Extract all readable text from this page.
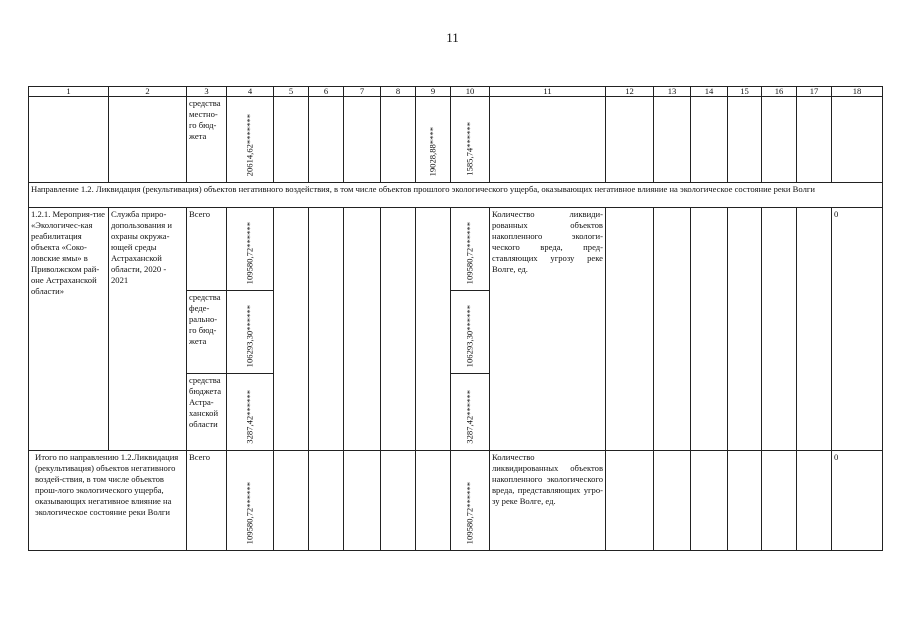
11
1	2	3	4	5	6	7	8	9	10	11	12	13	14	15	16	17	18
		средства местно-го бюд-жета	20614,62*******					19028,88****	1585,74******								

Направление 1.2. Ликвидация (рекультивация) объектов негативного воздействия, в том числе объектов прошлого экологического ущерба, оказывающих негативное влияние на экологическое состояние реки Волги																	
1.2.1. Мероприя-тие «Экологичес-кая реабилитация объекта «Соко-ловские ямы» в Приволжском рай-оне Астраханской области»	Служба приро-допользования и охраны окружа-ющей среды Астраханской области, 2020 - 2021	Всего	109580,72******						109580,72******	Количество ликвиди-рованных объектов накопленного экологи-ческого вреда, пред-ставляющих угрозу реке Волге, ед.							0
		средства феде-рально-го бюд-жета	106293,30******						106293,30******								

		средства бюджета Астра-ханской области	3287,42******						3287,42******								

Итого по направлению 1.2.Ликвидация (рекультивация) объектов негативного воздей-ствия, в том числе объектов прош-лого экологического ущерба, оказывающих негативное влияние на экологическое состояние реки Волги		Всего	109580,72******						109580,72******	Количество ликвидированных объектов накопленного экологического вреда, представляющих угро-зу реке Волге, ед.							0
